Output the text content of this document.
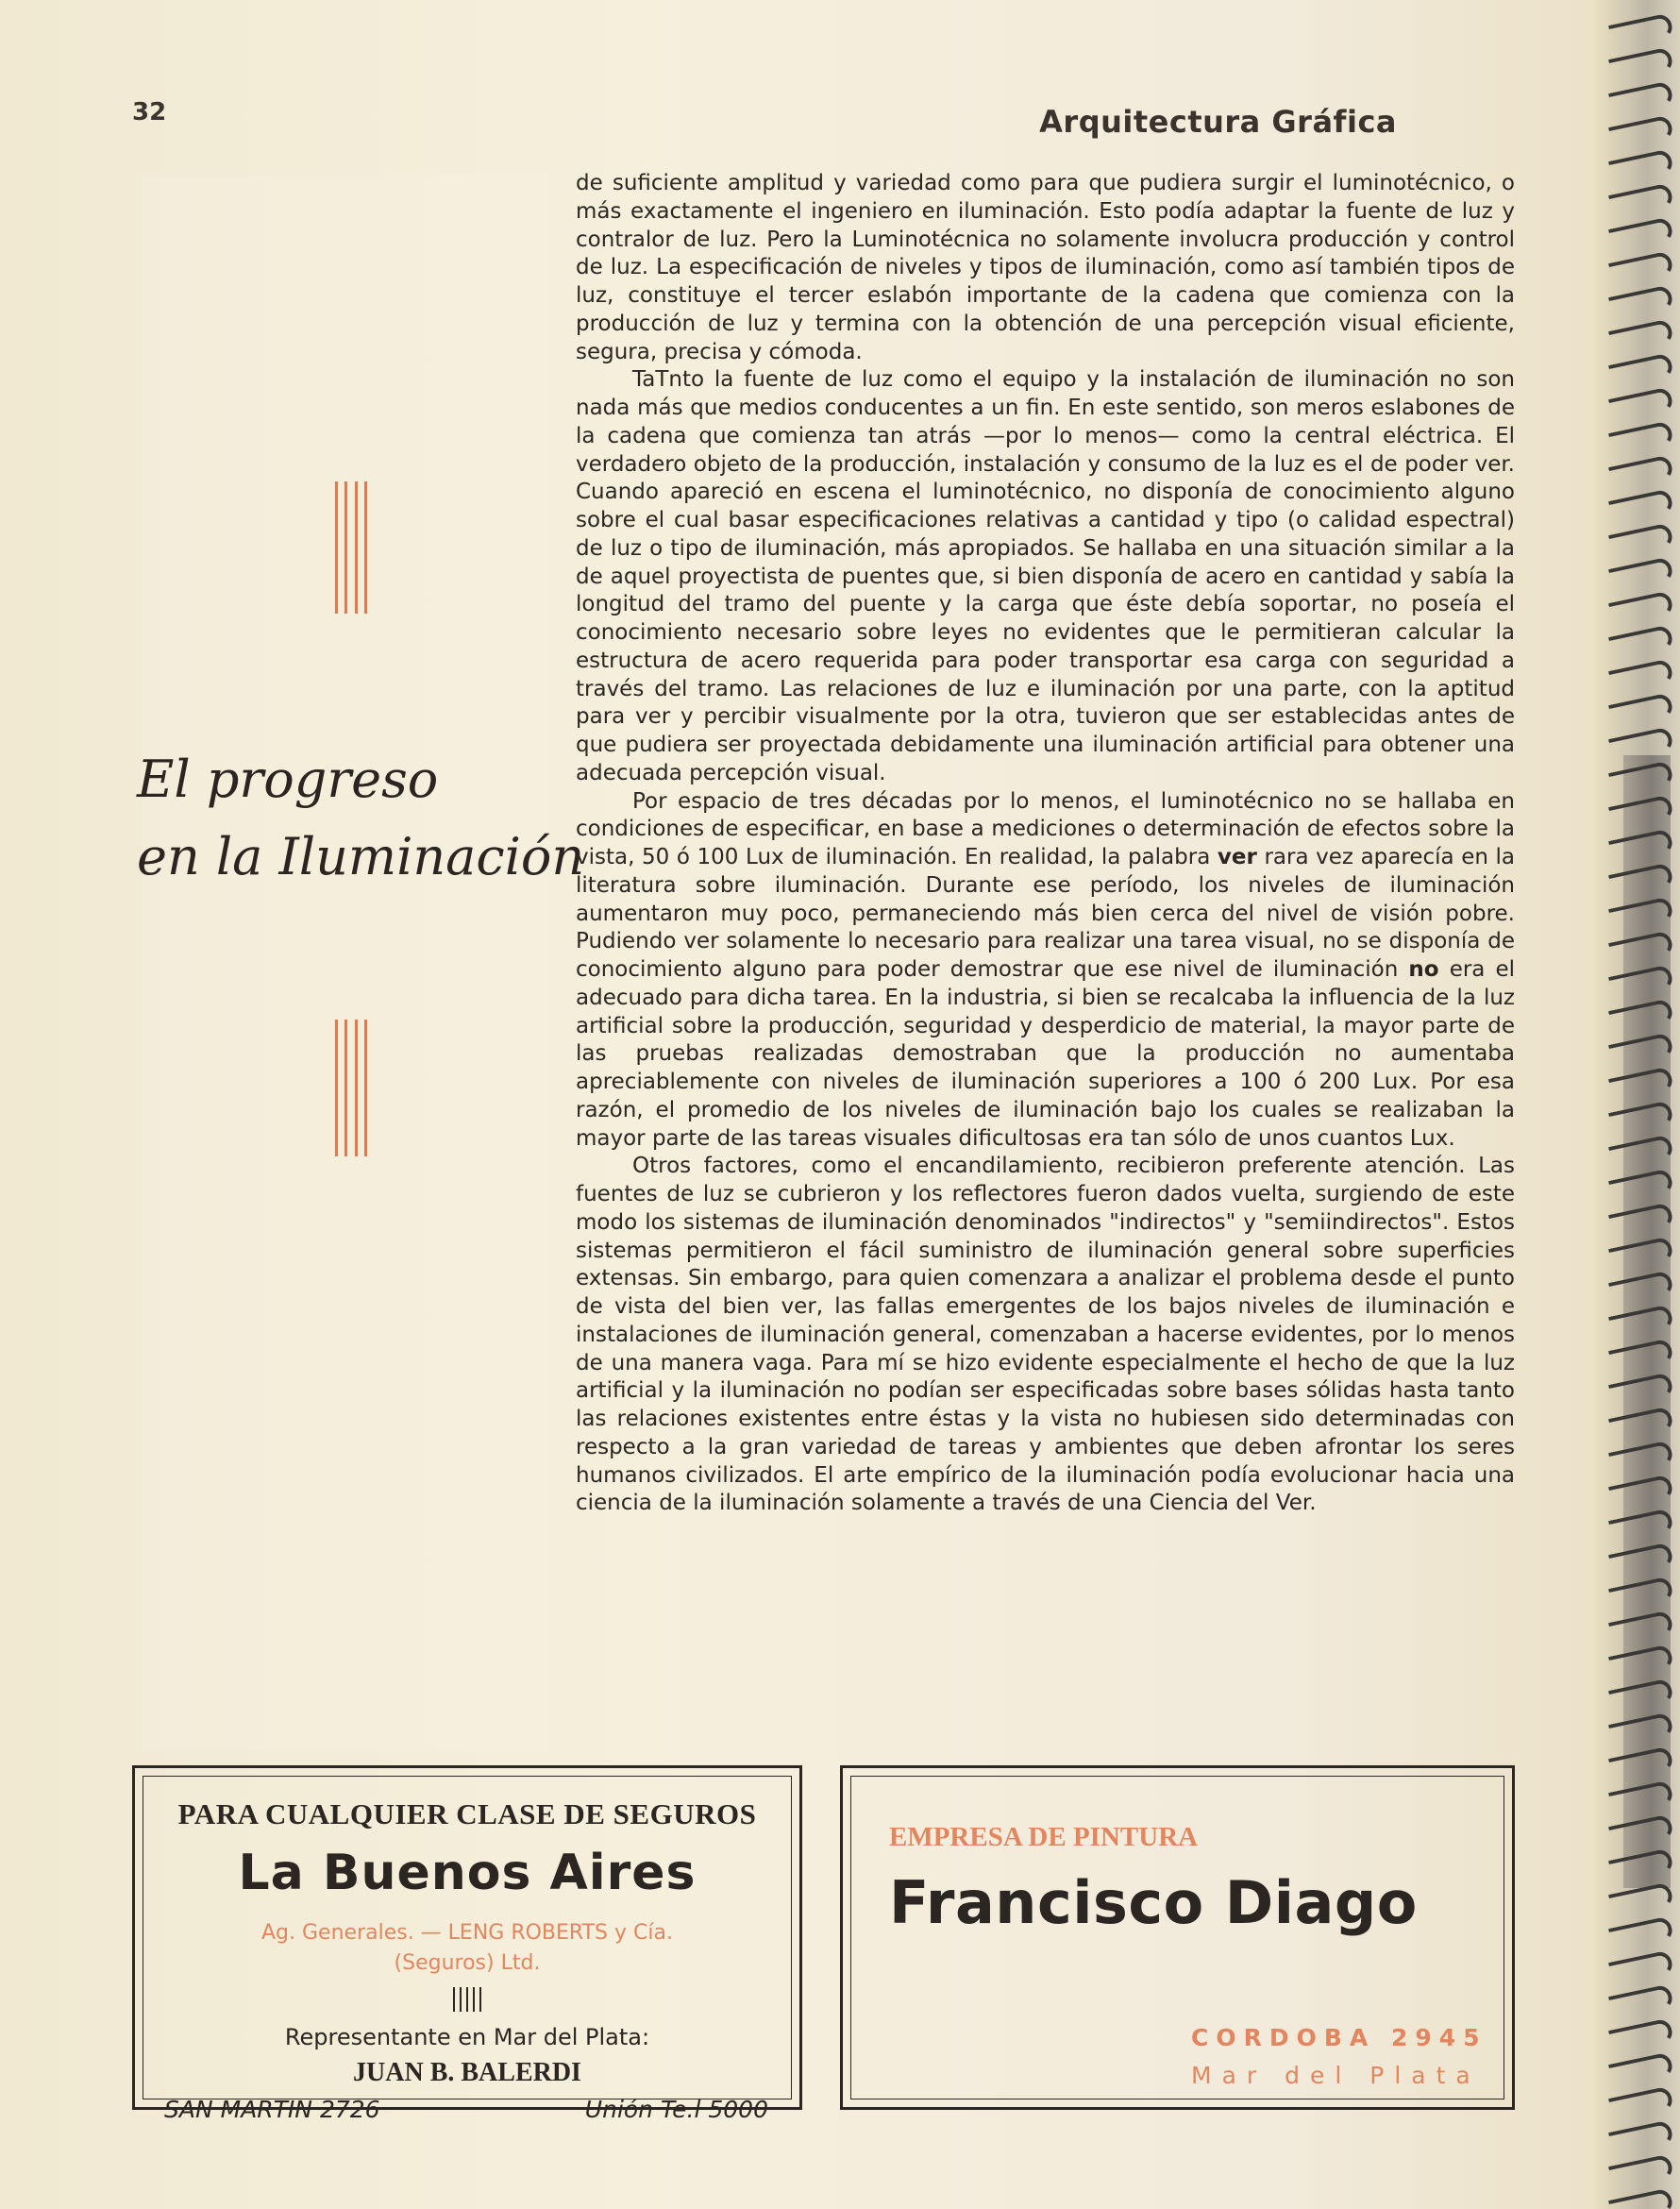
32	Arquitectura Gráfica
El progreso
en la Iluminación

de suficiente amplitud y variedad como para que pudiera surgir el luminotécnico, o más exactamente el ingeniero en iluminación. Esto podía adaptar la fuente de luz y contralor de luz. Pero la Luminotécnica no solamente involucra producción y control de luz. La especificación de niveles y tipos de iluminación, como así también tipos de luz, constituye el tercer eslabón importante de la cadena que comienza con la producción de luz y termina con la obtención de una percepción visual eficiente, segura, precisa y cómoda.

TaTnto la fuente de luz como el equipo y la instalación de iluminación no son nada más que medios conducentes a un fin. En este sentido, son meros eslabones de la cadena que comienza tan atrás —por lo menos— como la central eléctrica. El verdadero objeto de la producción, instalación y consumo de la luz es el de poder ver. Cuando apareció en escena el luminotécnico, no disponía de conocimiento alguno sobre el cual basar especificaciones relativas a cantidad y tipo (o calidad espectral) de luz o tipo de iluminación, más apropiados. Se hallaba en una situación similar a la de aquel proyectista de puentes que, si bien disponía de acero en cantidad y sabía la longitud del tramo del puente y la carga que éste debía soportar, no poseía el conocimiento necesario sobre leyes no evidentes que le permitieran calcular la estructura de acero requerida para poder transportar esa carga con seguridad a través del tramo. Las relaciones de luz e iluminación por una parte, con la aptitud para ver y percibir visualmente por la otra, tuvieron que ser establecidas antes de que pudiera ser proyectada debidamente una iluminación artificial para obtener una adecuada percepción visual.

Por espacio de tres décadas por lo menos, el luminotécnico no se hallaba en condiciones de especificar, en base a mediciones o determinación de efectos sobre la vista, 50 ó 100 Lux de iluminación. En realidad, la palabra ver rara vez aparecía en la literatura sobre iluminación. Durante ese período, los niveles de iluminación aumentaron muy poco, permaneciendo más bien cerca del nivel de visión pobre. Pudiendo ver solamente lo necesario para realizar una tarea visual, no se disponía de conocimiento alguno para poder demostrar que ese nivel de iluminación no era el adecuado para dicha tarea. En la industria, si bien se recalcaba la influencia de la luz artificial sobre la producción, seguridad y desperdicio de material, la mayor parte de las pruebas realizadas demostraban que la producción no aumentaba apreciablemente con niveles de iluminación superiores a 100 ó 200 Lux. Por esa razón, el promedio de los niveles de iluminación bajo los cuales se realizaban la mayor parte de las tareas visuales dificultosas era tan sólo de unos cuantos Lux.

Otros factores, como el encandilamiento, recibieron preferente atención. Las fuentes de luz se cubrieron y los reflectores fueron dados vuelta, surgiendo de este modo los sistemas de iluminación denominados "indirectos" y "semiindirectos". Estos sistemas permitieron el fácil suministro de iluminación general sobre superficies extensas. Sin embargo, para quien comenzara a analizar el problema desde el punto de vista del bien ver, las fallas emergentes de los bajos niveles de iluminación e instalaciones de iluminación general, comenzaban a hacerse evidentes, por lo menos de una manera vaga. Para mí se hizo evidente especialmente el hecho de que la luz artificial y la iluminación no podían ser especificadas sobre bases sólidas hasta tanto las relaciones existentes entre éstas y la vista no hubiesen sido determinadas con respecto a la gran variedad de tareas y ambientes que deben afrontar los seres humanos civilizados. El arte empírico de la iluminación podía evolucionar hacia una ciencia de la iluminación solamente a través de una Ciencia del Ver.

PARA CUALQUIER CLASE DE SEGUROS
La Buenos Aires
Ag. Generales. — LENG ROBERTS y Cía.
(Seguros) Ltd.
Representante en Mar del Plata:
JUAN B. BALERDI
SAN MARTIN 2726	Unión Te.l 5000
EMPRESA DE PINTURA
Francisco Diago
CORDOBA 2945
Mar del Plata
